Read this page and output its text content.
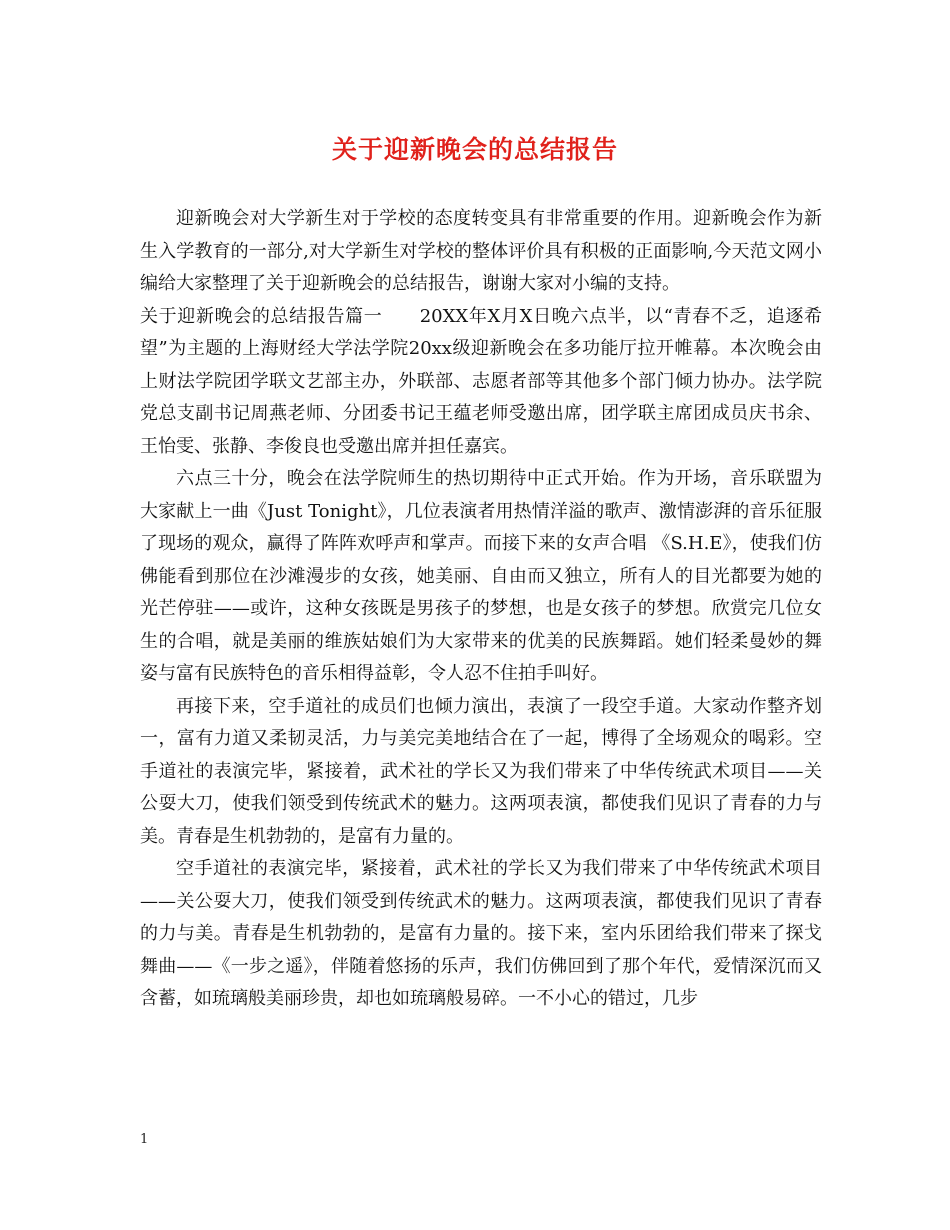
关于迎新晚会的总结报告

迎新晚会对大学新生对于学校的态度转变具有非常重要的作用。迎新晚会作为新生入学教育的一部分,对大学新生对学校的整体评价具有积极的正面影响,今天范文网小编给大家整理了关于迎新晚会的总结报告，谢谢大家对小编的支持。

关于迎新晚会的总结报告篇一　　20XX年X月X日晚六点半，以“青春不乏，追逐希望”为主题的上海财经大学法学院20xx级迎新晚会在多功能厅拉开帷幕。本次晚会由上财法学院团学联文艺部主办，外联部、志愿者部等其他多个部门倾力协办。法学院党总支副书记周燕老师、分团委书记王蕴老师受邀出席，团学联主席团成员庆书余、王怡雯、张静、李俊良也受邀出席并担任嘉宾。

六点三十分，晚会在法学院师生的热切期待中正式开始。作为开场，音乐联盟为大家献上一曲《Just Tonight》，几位表演者用热情洋溢的歌声、激情澎湃的音乐征服了现场的观众，赢得了阵阵欢呼声和掌声。而接下来的女声合唱 《S.H.E》，使我们仿佛能看到那位在沙滩漫步的女孩，她美丽、自由而又独立，所有人的目光都要为她的光芒停驻——或许，这种女孩既是男孩子的梦想，也是女孩子的梦想。欣赏完几位女生的合唱，就是美丽的维族姑娘们为大家带来的优美的民族舞蹈。她们轻柔曼妙的舞姿与富有民族特色的音乐相得益彰，令人忍不住拍手叫好。

再接下来，空手道社的成员们也倾力演出，表演了一段空手道。大家动作整齐划一，富有力道又柔韧灵活，力与美完美地结合在了一起，博得了全场观众的喝彩。空手道社的表演完毕，紧接着，武术社的学长又为我们带来了中华传统武术项目——关公耍大刀，使我们领受到传统武术的魅力。这两项表演，都使我们见识了青春的力与美。青春是生机勃勃的，是富有力量的。

空手道社的表演完毕，紧接着，武术社的学长又为我们带来了中华传统武术项目——关公耍大刀，使我们领受到传统武术的魅力。这两项表演，都使我们见识了青春的力与美。青春是生机勃勃的，是富有力量的。接下来，室内乐团给我们带来了探戈舞曲——《一步之遥》，伴随着悠扬的乐声，我们仿佛回到了那个年代，爱情深沉而又含蓄，如琉璃般美丽珍贵，却也如琉璃般易碎。一不小心的错过，几步

1
